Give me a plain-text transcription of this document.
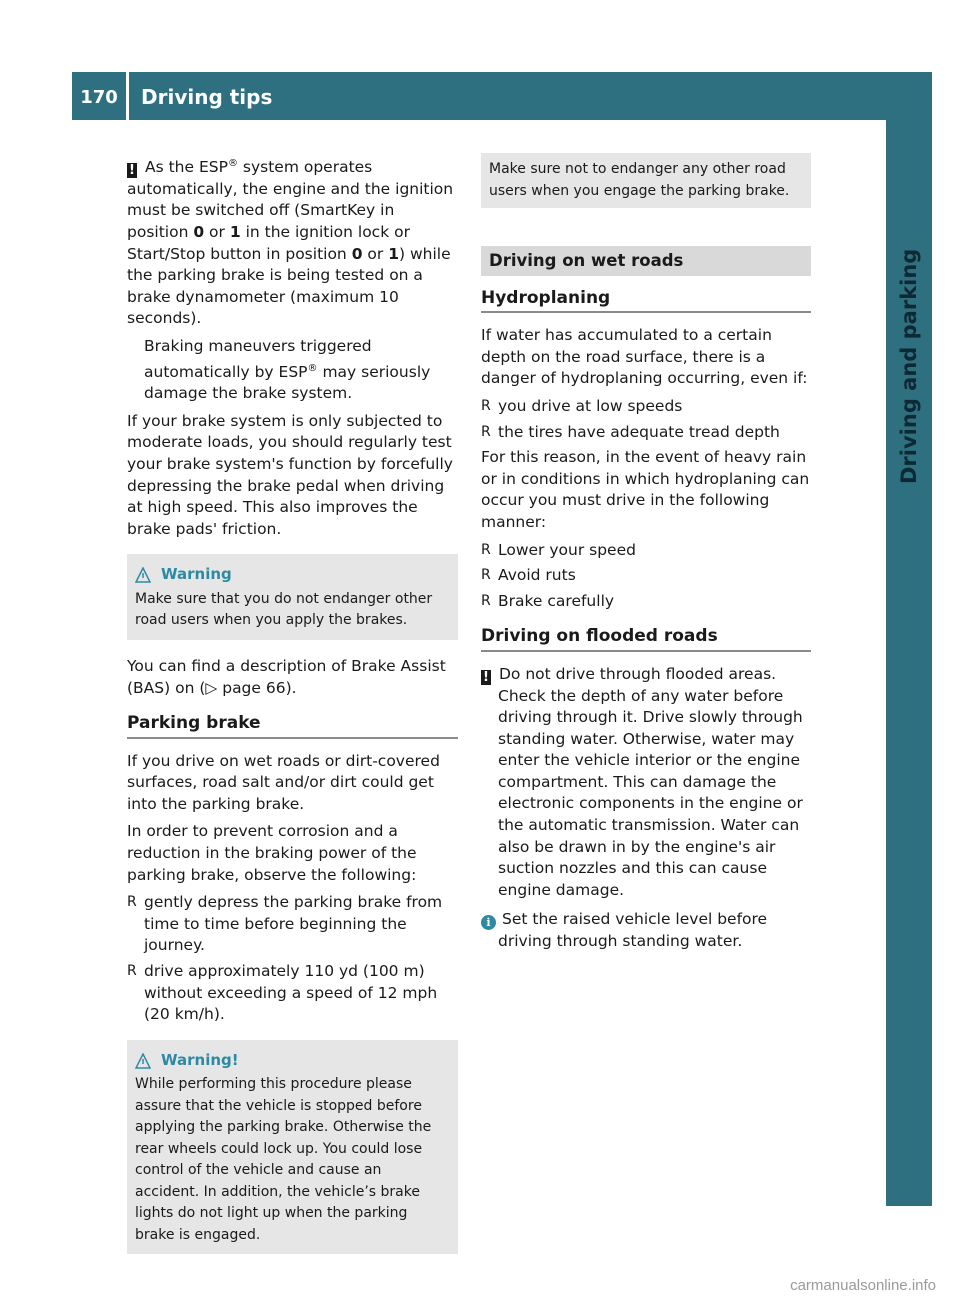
170	Driving tips
Driving and parking

! As the ESP® system operates automatically, the engine and the ignition must be switched off (SmartKey in position 0 or 1 in the ignition lock or Start/Stop button in position 0 or 1) while the parking brake is being tested on a brake dynamometer (maximum 10 seconds).

Braking maneuvers triggered automatically by ESP® may seriously damage the brake system.

If your brake system is only subjected to moderate loads, you should regularly test your brake system's function by forcefully depressing the brake pedal when driving at high speed. This also improves the brake pads' friction.

Warning
Make sure that you do not endanger other road users when you apply the brakes.

You can find a description of Brake Assist (BAS) on (▷ page 66).

Parking brake

If you drive on wet roads or dirt-covered surfaces, road salt and/or dirt could get into the parking brake.

In order to prevent corrosion and a reduction in the braking power of the parking brake, observe the following:

R gently depress the parking brake from time to time before beginning the journey.
R drive approximately 110 yd (100 m) without exceeding a speed of 12 mph (20 km/h).
Warning!
While performing this procedure please assure that the vehicle is stopped before applying the parking brake. Otherwise the rear wheels could lock up. You could lose control of the vehicle and cause an accident. In addition, the vehicle’s brake lights do not light up when the parking brake is engaged.
Make sure not to endanger any other road users when you engage the parking brake.
Driving on wet roads
Hydroplaning

If water has accumulated to a certain depth on the road surface, there is a danger of hydroplaning occurring, even if:

R you drive at low speeds
R the tires have adequate tread depth

For this reason, in the event of heavy rain or in conditions in which hydroplaning can occur you must drive in the following manner:

R Lower your speed
R Avoid ruts
R Brake carefully
Driving on flooded roads

! Do not drive through flooded areas. Check the depth of any water before driving through it. Drive slowly through standing water. Otherwise, water may enter the vehicle interior or the engine compartment. This can damage the electronic components in the engine or the automatic transmission. Water can also be drawn in by the engine's air suction nozzles and this can cause engine damage.

i Set the raised vehicle level before driving through standing water.

carmanualsonline.info
